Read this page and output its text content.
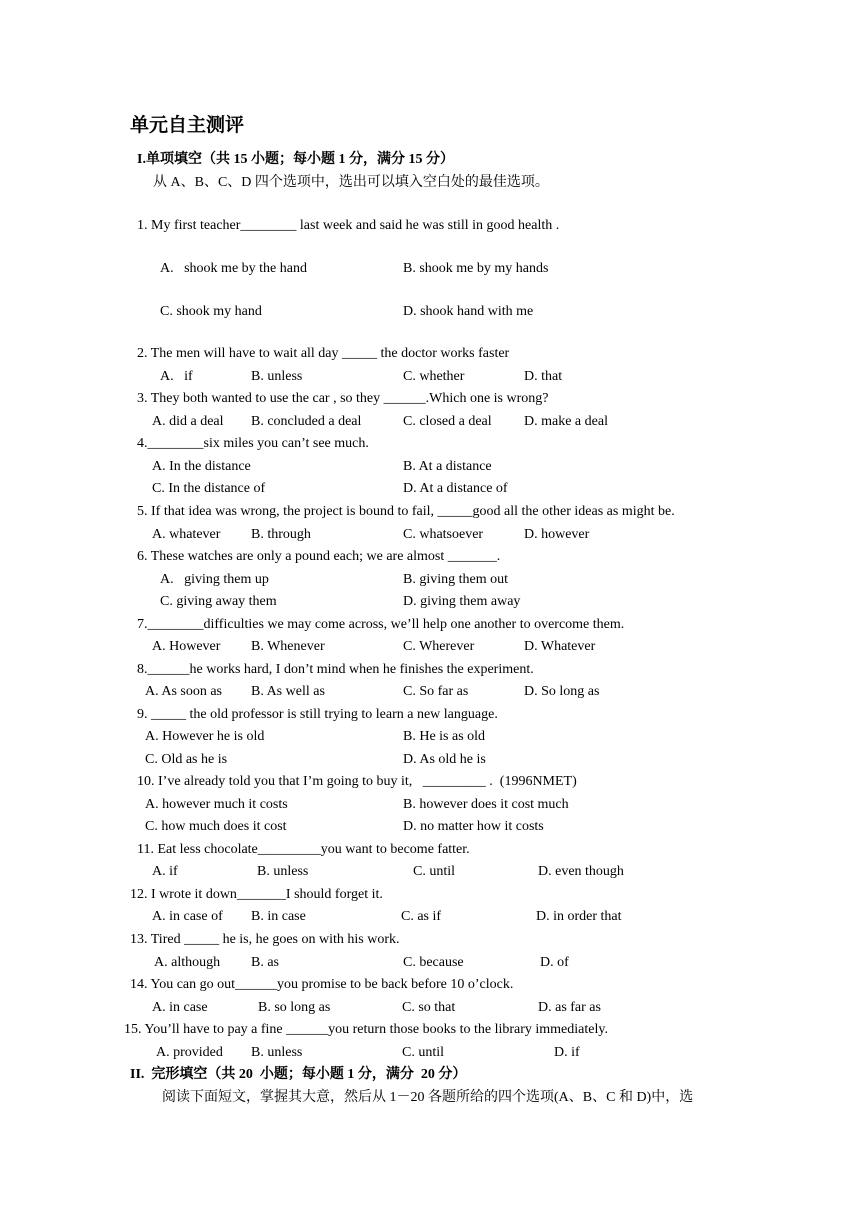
单元自主测评
I.单项填空（共 15 小题；每小题 1 分，满分 15 分）
从 A、B、C、D 四个选项中，选出可以填入空白处的最佳选项。
1. My first teacher________ last week and said he was still in good health .
A.   shook me by the hand	B. shook me by my hands
C. shook my hand	D. shook hand with me
2. The men will have to wait all day _____ the doctor works faster
A.   if	B. unless	C. whether	D. that
3. They both wanted to use the car , so they ______.Which one is wrong?
A. did a deal B. concluded a deal	C. closed a deal D. make a deal
4.________six miles you can’t see much.
A. In the distance	B. At a distance
C. In the distance of	D. At a distance of
5. If that idea was wrong, the project is bound to fail, _____good all the other ideas as might be.
A. whatever B. through	C. whatsoever	D. however
6. These watches are only a pound each; we are almost _______.
A.   giving them up	B. giving them out
C. giving away them	D. giving them away
7.________difficulties we may come across, we’ll help one another to overcome them.
A. However B. Whenever	C. Wherever	D. Whatever
8.______he works hard, I don’t mind when he finishes the experiment.
A. As soon as B. As well as	C. So far as	D. So long as
9. _____ the old professor is still trying to learn a new language.
A. However he is old	B. He is as old
C. Old as he is	D. As old he is
10. I’ve already told you that I’m going to buy it,   _________ .  (1996NMET)
A. however much it costs	B. however does it cost much
C. how much does it cost	D. no matter how it costs
11. Eat less chocolate_________you want to become fatter.
A. if	B. unless	C. until	D. even though
12. I wrote it down_______I should forget it.
A. in case of B. in case	C. as if	D. in order that
13. Tired _____ he is, he goes on with his work.
A. although B. as	C. because	D. of
14. You can go out______you promise to be back before 10 o’clock.
A. in case	B. so long as	C. so that	D. as far as
15. You’ll have to pay a fine ______you return those books to the library immediately.
A. provided B. unless	C. until	D. if
II.  完形填空（共 20  小题；每小题 1 分，满分  20 分）
阅读下面短文，掌握其大意，然后从 1－20 各题所给的四个选项(A、B、C 和 D)中，选
